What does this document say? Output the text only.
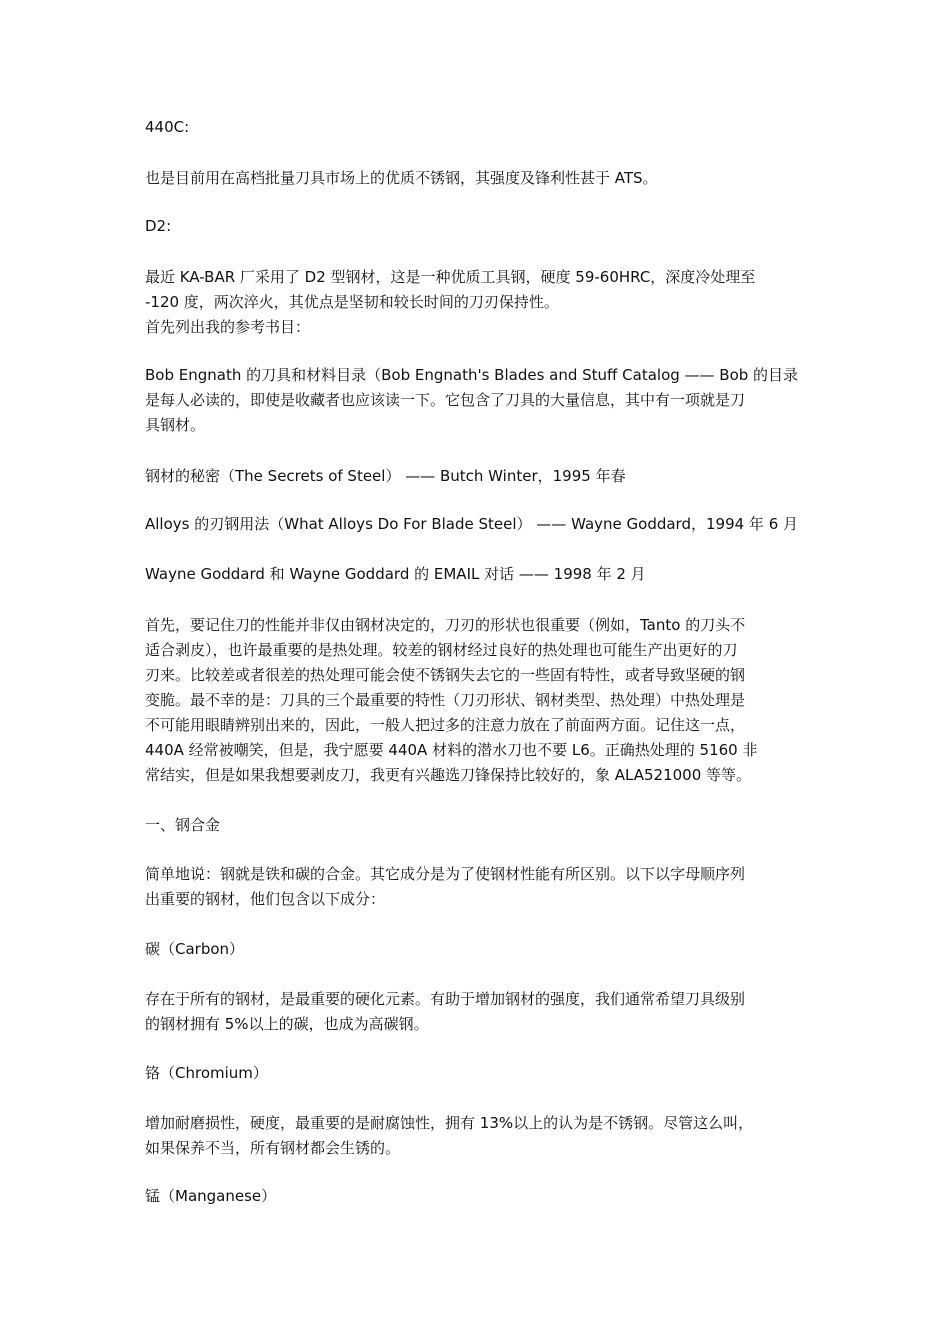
440C:

也是目前用在高档批量刀具市场上的优质不锈钢，其强度及锋利性甚于 ATS。

D2:

最近 KA-BAR 厂采用了 D2 型钢材，这是一种优质工具钢，硬度 59-60HRC，深度冷处理至
-120 度，两次淬火，其优点是坚韧和较长时间的刀刃保持性。
首先列出我的参考书目：

Bob Engnath 的刀具和材料目录（Bob Engnath's Blades and Stuff Catalog —— Bob 的目录
是每人必读的，即使是收藏者也应该读一下。它包含了刀具的大量信息，其中有一项就是刀
具钢材。

钢材的秘密（The Secrets of Steel） —— Butch Winter，1995 年春

Alloys 的刃钢用法（What Alloys Do For Blade Steel） —— Wayne Goddard，1994 年 6 月

Wayne Goddard 和 Wayne Goddard 的 EMAIL 对话 —— 1998 年 2 月

首先，要记住刀的性能并非仅由钢材决定的，刀刃的形状也很重要（例如，Tanto 的刀头不
适合剥皮），也许最重要的是热处理。较差的钢材经过良好的热处理也可能生产出更好的刀
刃来。比较差或者很差的热处理可能会使不锈钢失去它的一些固有特性，或者导致坚硬的钢
变脆。最不幸的是：刀具的三个最重要的特性（刀刃形状、钢材类型、热处理）中热处理是
不可能用眼睛辨别出来的，因此，一般人把过多的注意力放在了前面两方面。记住这一点，
440A 经常被嘲笑，但是，我宁愿要 440A 材料的潜水刀也不要 L6。正确热处理的 5160 非
常结实，但是如果我想要剥皮刀，我更有兴趣选刀锋保持比较好的，象 ALA521000 等等。

一、钢合金

简单地说：钢就是铁和碳的合金。其它成分是为了使钢材性能有所区别。以下以字母顺序列
出重要的钢材，他们包含以下成分：

碳（Carbon）

存在于所有的钢材，是最重要的硬化元素。有助于增加钢材的强度，我们通常希望刀具级别
的钢材拥有 5%以上的碳，也成为高碳钢。

铬（Chromium）

增加耐磨损性，硬度，最重要的是耐腐蚀性，拥有 13%以上的认为是不锈钢。尽管这么叫，
如果保养不当，所有钢材都会生锈的。

锰（Manganese）
